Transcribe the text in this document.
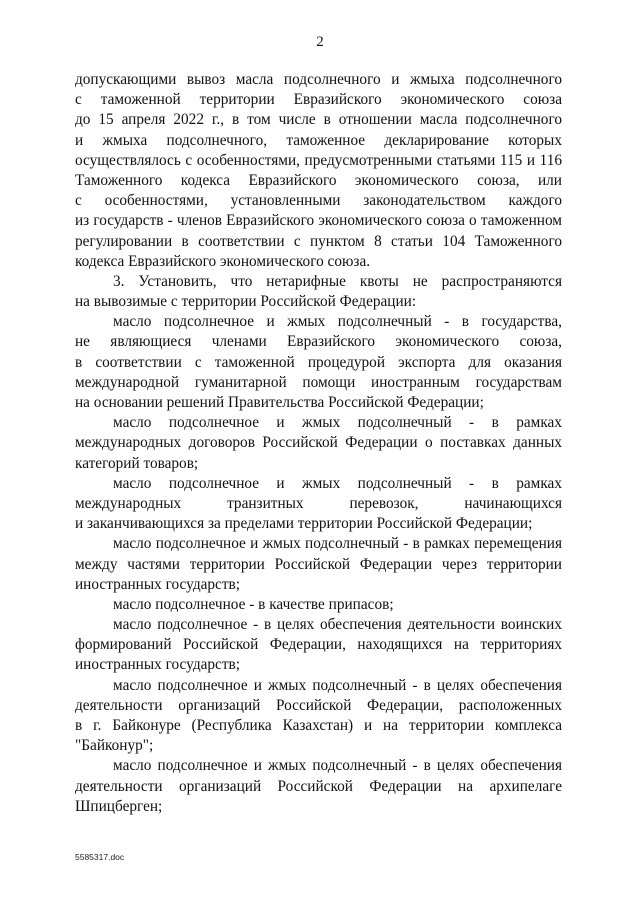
2
допускающими вывоз масла подсолнечного и жмыха подсолнечного
с таможенной территории Евразийского экономического союза
до 15 апреля 2022 г., в том числе в отношении масла подсолнечного
и жмыха подсолнечного, таможенное декларирование которых
осуществлялось с особенностями, предусмотренными статьями 115 и 116
Таможенного кодекса Евразийского экономического союза, или
с особенностями, установленными законодательством каждого
из государств - членов Евразийского экономического союза о таможенном
регулировании в соответствии с пунктом 8 статьи 104 Таможенного
кодекса Евразийского экономического союза.
3. Установить, что нетарифные квоты не распространяются
на вывозимые с территории Российской Федерации:
масло подсолнечное и жмых подсолнечный - в государства,
не являющиеся членами Евразийского экономического союза,
в соответствии с таможенной процедурой экспорта для оказания
международной гуманитарной помощи иностранным государствам
на основании решений Правительства Российской Федерации;
масло подсолнечное и жмых подсолнечный - в рамках
международных договоров Российской Федерации о поставках данных
категорий товаров;
масло подсолнечное и жмых подсолнечный - в рамках
международных транзитных перевозок, начинающихся
и заканчивающихся за пределами территории Российской Федерации;
масло подсолнечное и жмых подсолнечный - в рамках перемещения
между частями территории Российской Федерации через территории
иностранных государств;
масло подсолнечное - в качестве припасов;
масло подсолнечное - в целях обеспечения деятельности воинских
формирований Российской Федерации, находящихся на территориях
иностранных государств;
масло подсолнечное и жмых подсолнечный - в целях обеспечения
деятельности организаций Российской Федерации, расположенных
в г. Байконуре (Республика Казахстан) и на территории комплекса
"Байконур";
масло подсолнечное и жмых подсолнечный - в целях обеспечения
деятельности организаций Российской Федерации на архипелаге
Шпицберген;
5585317.doc
